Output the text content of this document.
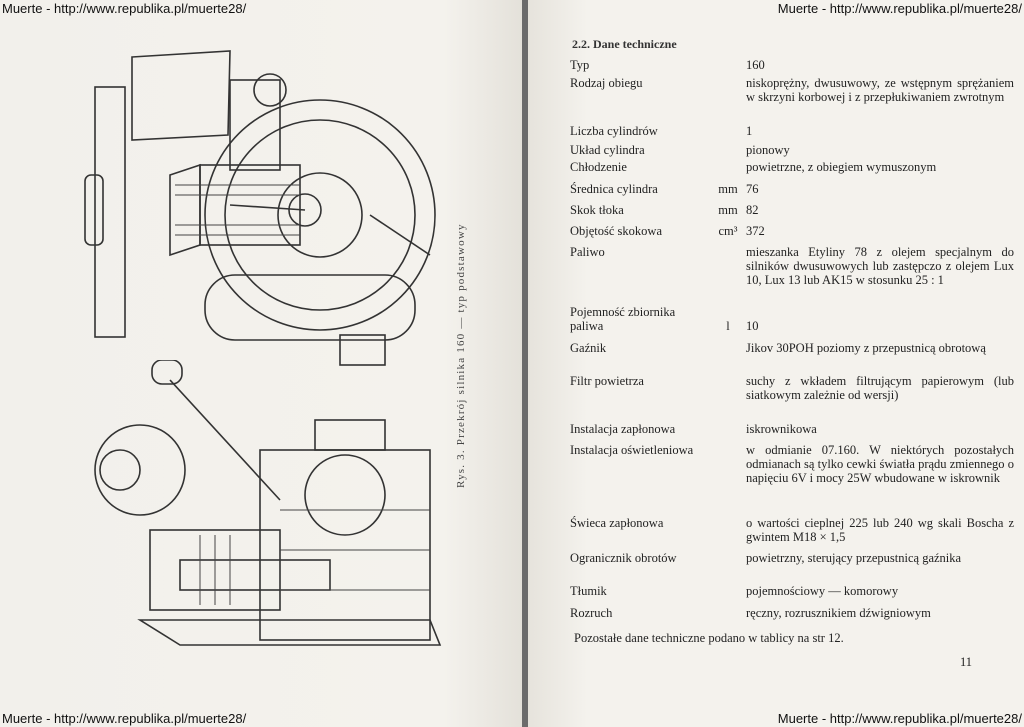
Rys. 3. Przekrój silnika 160 — typ podstawowy
2.2. Dane techniczne
Typ	160
Rodzaj obiegu	niskoprężny, dwusuwowy, ze wstępnym sprężaniem w skrzyni korbowej i z przepłukiwaniem zwrotnym
Liczba cylindrów	1
Układ cylindra	pionowy
Chłodzenie	powietrzne, z obiegiem wymuszonym
Średnica cylindra	mm 76
Skok tłoka	mm 82
Objętość skokowa	cm³ 372
Paliwo	mieszanka Etyliny 78 z olejem specjalnym do silników dwusuwowych lub zastępczo z olejem Lux 10, Lux 13 lub AK15 w stosunku 25 : 1
Pojemność zbiornika paliwa	l	10
Gaźnik	Jikov 30POH poziomy z przepustnicą obrotową
Filtr powietrza	suchy z wkładem filtrującym papierowym (lub siatkowym zależnie od wersji)
Instalacja zapłonowa	iskrownikowa
Instalacja oświetleniowa	w odmianie 07.160. W niektórych pozostałych odmianach są tylko cewki światła prądu zmiennego o napięciu 6V i mocy 25W wbudowane w iskrownik
Świeca zapłonowa	o wartości cieplnej 225 lub 240 wg skali Boscha z gwintem M18 × 1,5
Ogranicznik obrotów	powietrzny, sterujący przepustnicą gaźnika
Tłumik	pojemnościowy — komorowy
Rozruch	ręczny, rozrusznikiem dźwigniowym
Pozostałe dane techniczne podano w tablicy na str 12.
11
Muerte - http://www.republika.pl/muerte28/	Muerte - http://www.republika.pl/muerte28/
Muerte - http://www.republika.pl/muerte28/	Muerte - http://www.republika.pl/muerte28/
